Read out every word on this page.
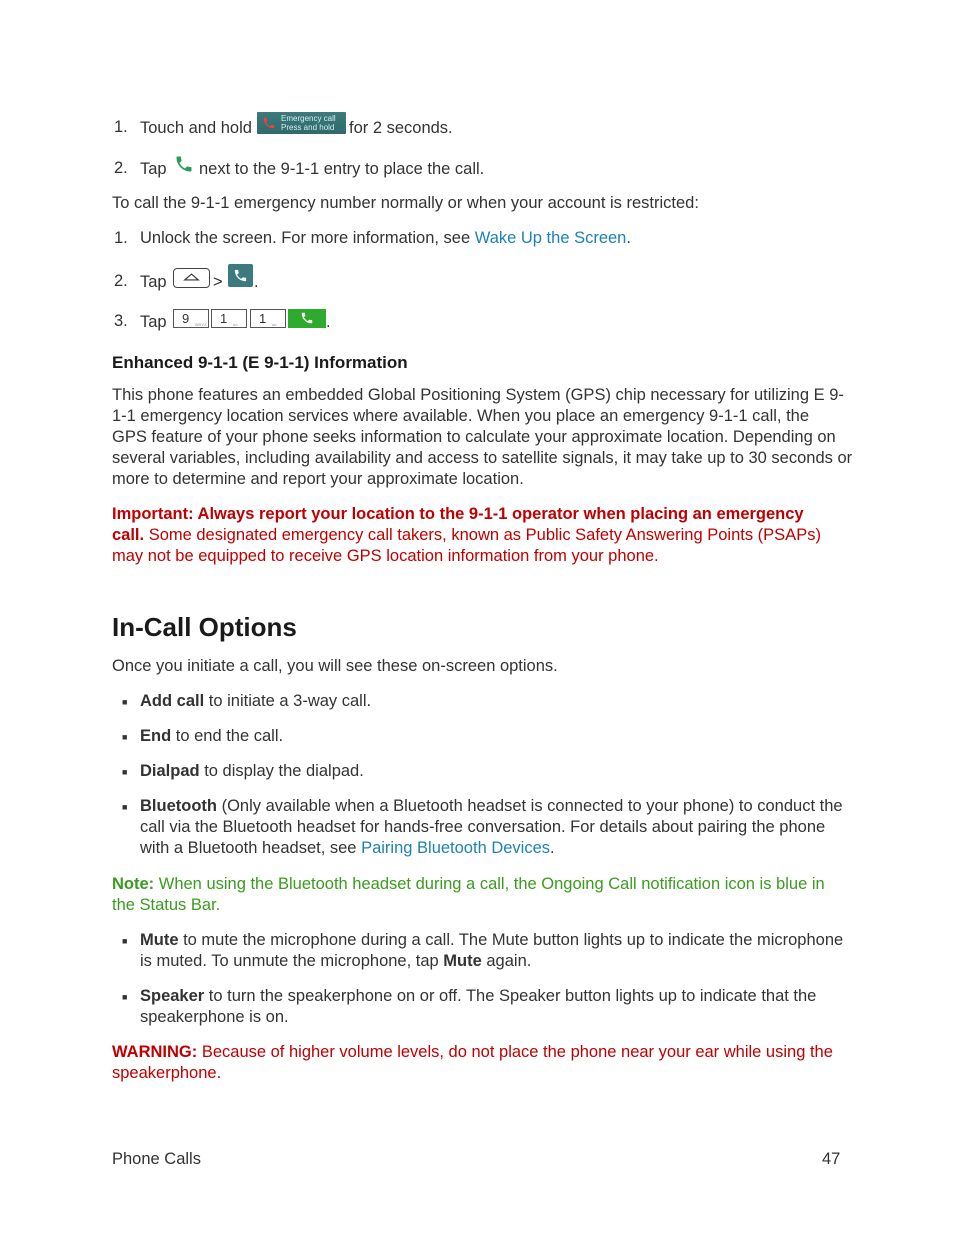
1. Touch and hold
Emergency call
Press and hold for 2 seconds.
2. Tap next to the 9-1-1 entry to place the call.
To call the 9-1-1 emergency number normally or when your account is restricted:
1. Unlock the screen. For more information, see Wake Up the Screen.
2. Tap	> .
3. Tap 9 WXYZ 1 oo 1 oo	.
Enhanced 9-1-1 (E 9-1-1) Information
This phone features an embedded Global Positioning System (GPS) chip necessary for utilizing E 9-
1-1 emergency location services where available. When you place an emergency 9-1-1 call, the
GPS feature of your phone seeks information to calculate your approximate location. Depending on
several variables, including availability and access to satellite signals, it may take up to 30 seconds or
more to determine and report your approximate location.
Important: Always report your location to the 9-1-1 operator when placing an emergency
call. Some designated emergency call takers, known as Public Safety Answering Points (PSAPs)
may not be equipped to receive GPS location information from your phone.
In-Call Options
Once you initiate a call, you will see these on-screen options.
■ Add call to initiate a 3-way call.
■ End to end the call.
■ Dialpad to display the dialpad.
■ Bluetooth (Only available when a Bluetooth headset is connected to your phone) to conduct the
call via the Bluetooth headset for hands-free conversation. For details about pairing the phone
with a Bluetooth headset, see Pairing Bluetooth Devices.
Note: When using the Bluetooth headset during a call, the Ongoing Call notification icon is blue in
the Status Bar.
■ Mute to mute the microphone during a call. The Mute button lights up to indicate the microphone
is muted. To unmute the microphone, tap Mute again.
■ Speaker to turn the speakerphone on or off. The Speaker button lights up to indicate that the
speakerphone is on.
WARNING: Because of higher volume levels, do not place the phone near your ear while using the
speakerphone.
Phone Calls	47
